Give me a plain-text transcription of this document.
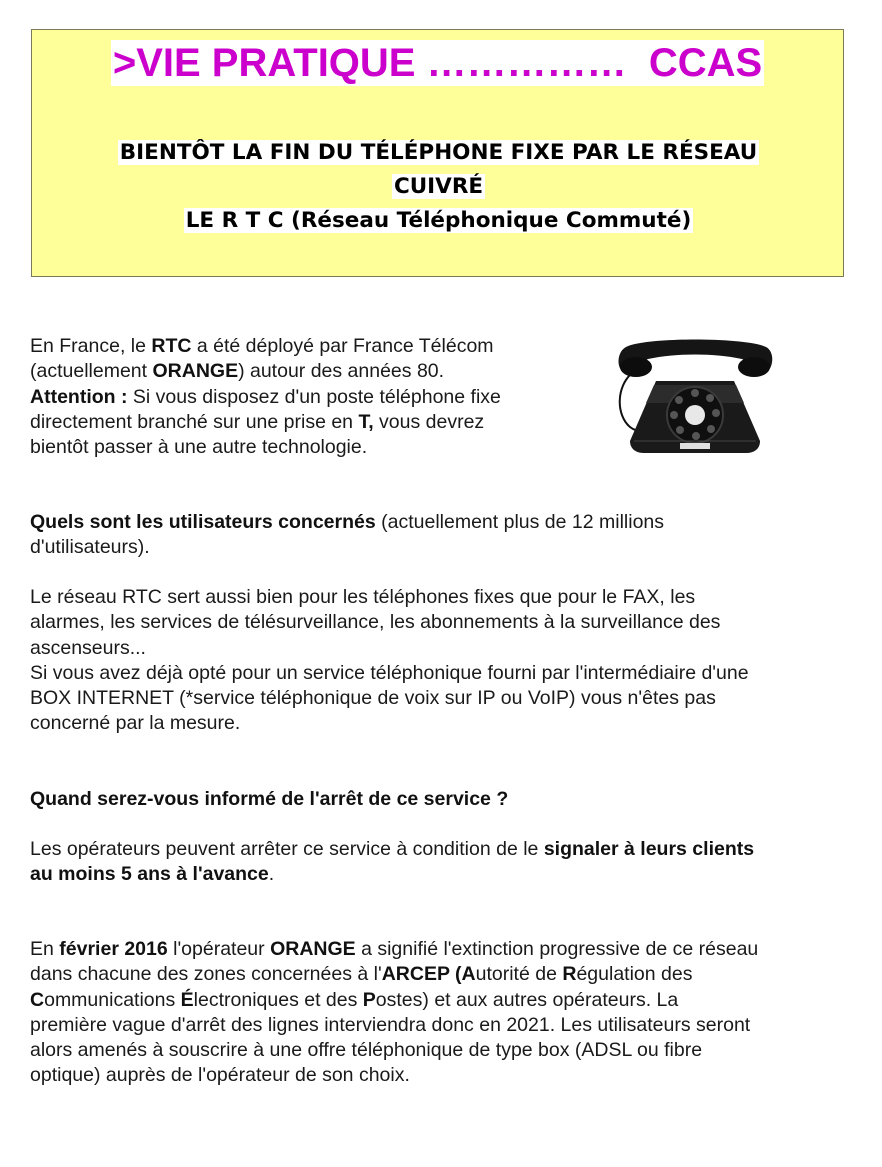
>VIE PRATIQUE ……………  CCAS
BIENTÔT LA FIN DU TÉLÉPHONE FIXE PAR LE RÉSEAU
CUIVRÉ
LE R T C (Réseau Téléphonique Commuté)
En France, le RTC a été déployé par France Télécom
(actuellement ORANGE) autour des années 80.
Attention : Si vous disposez d'un poste téléphone fixe
directement branché sur une prise en T, vous devrez
bientôt passer à une autre technologie.
Quels sont les utilisateurs concernés (actuellement plus de 12 millions
d'utilisateurs).
Le réseau RTC sert aussi bien pour les téléphones fixes que pour le FAX, les
alarmes, les services de télésurveillance, les abonnements à la surveillance des
ascenseurs...
Si vous avez déjà opté pour un service téléphonique fourni par l'intermédiaire d'une
BOX INTERNET (*service téléphonique de voix sur IP ou VoIP) vous n'êtes pas
concerné par la mesure.
Quand serez-vous informé de l'arrêt de ce service ?
Les opérateurs peuvent arrêter ce service à condition de le signaler à leurs clients
au moins 5 ans à l'avance.
En février 2016 l'opérateur ORANGE a signifié l'extinction progressive de ce réseau
dans chacune des zones concernées à l'ARCEP (Autorité de Régulation des
Communications Électroniques et des Postes) et aux autres opérateurs. La
première vague d'arrêt des lignes interviendra donc en 2021. Les utilisateurs seront
alors amenés à souscrire à une offre téléphonique de type box (ADSL ou fibre
optique) auprès de l'opérateur de son choix.
